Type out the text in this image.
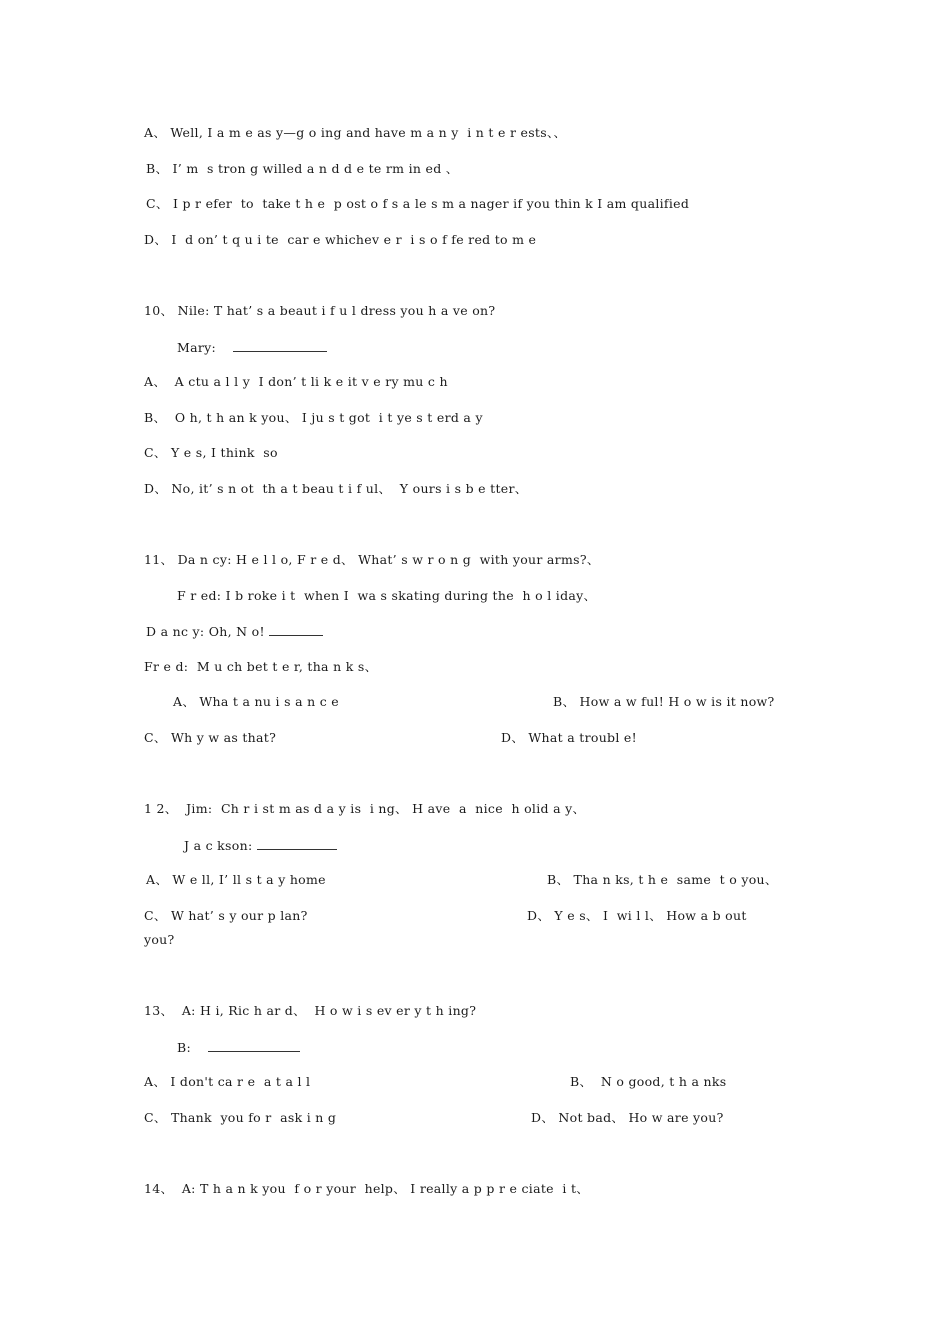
A、 Well, I a m e as y—g o ing and have m a n y  i n t e r ests、、
B、 I’ m  s tron g willed a n d d e te rm in ed 、
C、 I p r efer  to  take t h e  p ost o f s a le s m a nager if you thin k I am qualified
D、 I  d on’ t q u i te  car e whichev e r  i s o f fe red to m e
10、 Nile: T hat’ s a beaut i f u l dress you h a ve on?
Mary:
A、  A ctu a l l y  I don’ t li k e it v e ry mu c h
B、  O h, t h an k you、 I ju s t got  i t ye s t erd a y
C、 Y e s, I think  so
D、 No, it’ s n ot  th a t beau t i f ul、  Y ours i s b e tter、
11、 Da n cy: H e l l o, F r e d、 What’ s w r o n g  with your arms?、
F r ed: I b roke i t  when I  wa s skating during the  h o l iday、
D a nc y: Oh, N o!
Fr e d:  M u ch bet t e r, tha n k s、
A、 Wha t a nu i s a n c e	B、 How a w ful! H o w is it now?
C、 Wh y w as that?	D、 What a troubl e!
1 2、  Jim:  Ch r i st m as d a y is  i ng、 H ave  a  nice  h olid a y、
J a c kson:
A、 W e ll, I’ ll s t a y home	B、 Tha n ks, t h e  same  t o you、
C、 W hat’ s y our p lan?	D、 Y e s、 I  wi l l、 How a b out
you?
13、  A: H i, Ric h ar d、  H o w i s ev er y t h ing?
B:
A、 I don't ca r e  a t a l l	B、  N o good, t h a nks
C、 Thank  you fo r  ask i n g	D、 Not bad、 Ho w are you?
14、  A: T h a n k you  f o r your  help、 I really a p p r e ciate  i t、
